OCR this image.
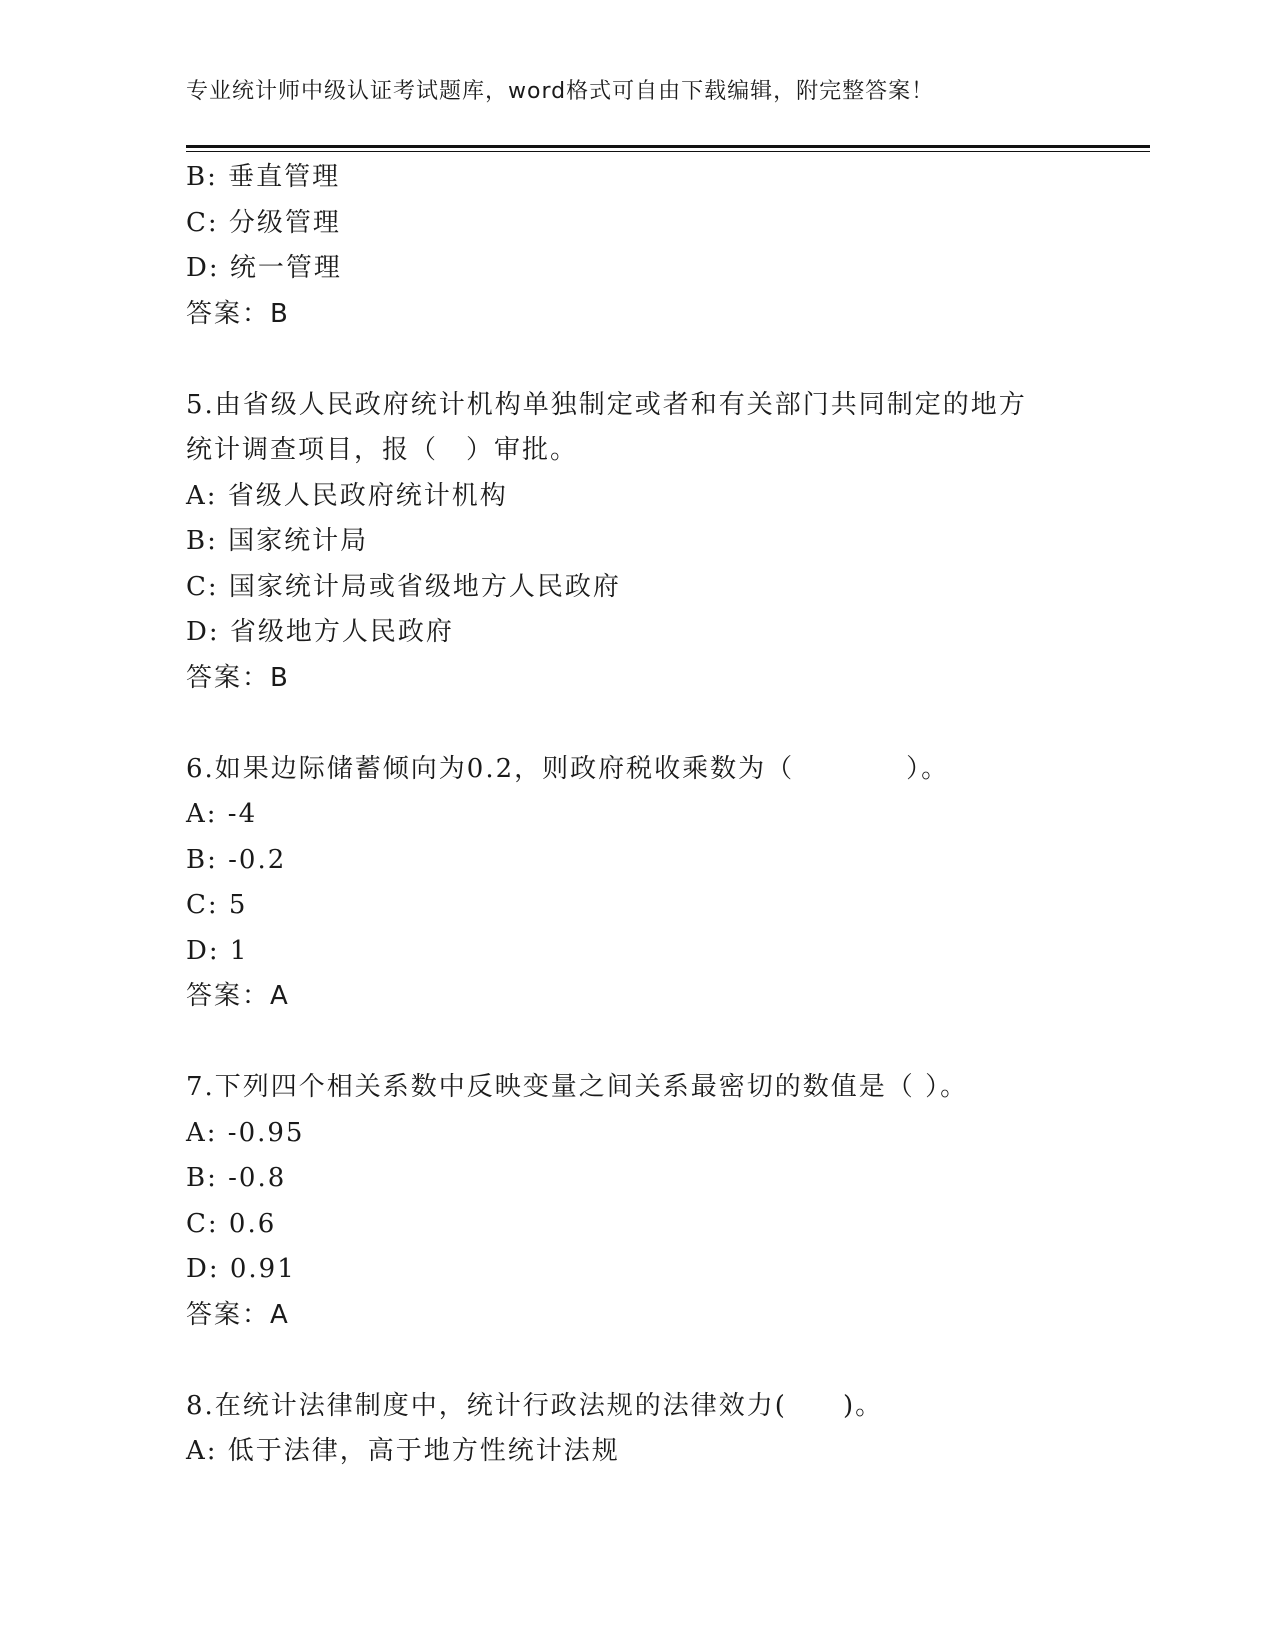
专业统计师中级认证考试题库，word格式可自由下载编辑，附完整答案！
B: 垂直管理
C: 分级管理
D: 统一管理
答案：B
5.由省级人民政府统计机构单独制定或者和有关部门共同制定的地方
统计调查项目，报（　）审批。
A: 省级人民政府统计机构
B: 国家统计局
C: 国家统计局或省级地方人民政府
D: 省级地方人民政府
答案：B
6.如果边际储蓄倾向为0.2，则政府税收乘数为（　　　　）。
A: -4
B: -0.2
C: 5
D: 1
答案：A
7.下列四个相关系数中反映变量之间关系最密切的数值是（ ）。
A: -0.95
B: -0.8
C: 0.6
D: 0.91
答案：A
8.在统计法律制度中，统计行政法规的法律效力(　　)。
A: 低于法律，高于地方性统计法规
